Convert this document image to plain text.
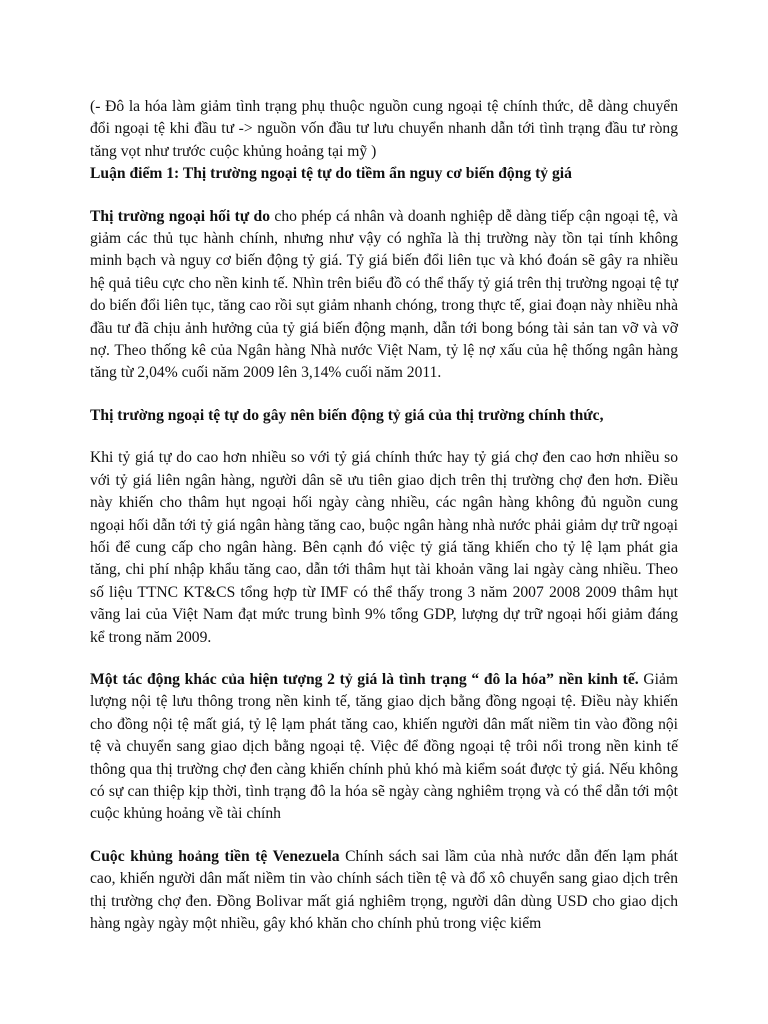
(- Đô la hóa làm giảm tình trạng phụ thuộc nguồn cung ngoại tệ chính thức, dễ dàng chuyển đổi ngoại tệ khi đầu tư -> nguồn vốn đầu tư lưu chuyển nhanh dẫn tới tình trạng đầu tư ròng tăng vọt như trước cuộc khủng hoảng tại mỹ )

Luận điểm 1: Thị trường ngoại tệ tự do tiềm ẩn nguy cơ biến động tỷ giá

Thị trường ngoại hối tự do cho phép cá nhân và doanh nghiệp dễ dàng tiếp cận ngoại tệ, và giảm các thủ tục hành chính, nhưng như vậy có nghĩa là thị trường này tồn tại tính không minh bạch và nguy cơ biến động tỷ giá. Tỷ giá biến đổi liên tục và khó đoán sẽ gây ra nhiều hệ quả tiêu cực cho nền kinh tế. Nhìn trên biểu đồ có thể thấy tỷ giá trên thị trường ngoại tệ tự do biến đổi liên tục, tăng cao rồi sụt giảm nhanh chóng, trong thực tế, giai đoạn này nhiều nhà đầu tư đã chịu ảnh hưởng của tỷ giá biến động mạnh, dẫn tới bong bóng tài sản tan vỡ và vỡ nợ. Theo thống kê của Ngân hàng Nhà nước Việt Nam, tỷ lệ nợ xấu của hệ thống ngân hàng tăng từ 2,04% cuối năm 2009 lên 3,14% cuối năm 2011.

Thị trường ngoại tệ tự do gây nên biến động tỷ giá của thị trường chính thức,

Khi tỷ giá tự do cao hơn nhiều so với tỷ giá chính thức hay tỷ giá chợ đen cao hơn nhiều so với tỷ giá liên ngân hàng, người dân sẽ ưu tiên giao dịch trên thị trường chợ đen hơn. Điều này khiến cho thâm hụt ngoại hối ngày càng nhiều, các ngân hàng không đủ nguồn cung ngoại hối dẫn tới tỷ giá ngân hàng tăng cao, buộc ngân hàng nhà nước phải giảm dự trữ ngoại hối để cung cấp cho ngân hàng. Bên cạnh đó việc tỷ giá tăng khiến cho tỷ lệ lạm phát gia tăng, chi phí nhập khẩu tăng cao, dẫn tới thâm hụt tài khoản vãng lai ngày càng nhiều. Theo số liệu TTNC KT&CS tổng hợp từ IMF có thể thấy trong 3 năm 2007 2008 2009 thâm hụt vãng lai của Việt Nam đạt mức trung bình 9% tổng GDP, lượng dự trữ ngoại hối giảm đáng kể trong năm 2009.

Một tác động khác của hiện tượng 2 tỷ giá là tình trạng “ đô la hóa” nền kinh tế. Giảm lượng nội tệ lưu thông trong nền kinh tế, tăng giao dịch bằng đồng ngoại tệ. Điều này khiến cho đồng nội tệ mất giá, tỷ lệ lạm phát tăng cao, khiến người dân mất niềm tin vào đồng nội tệ và chuyển sang giao dịch bằng ngoại tệ. Việc để đồng ngoại tệ trôi nổi trong nền kinh tế thông qua thị trường chợ đen càng khiến chính phủ khó mà kiểm soát được tỷ giá. Nếu không có sự can thiệp kịp thời, tình trạng đô la hóa sẽ ngày càng nghiêm trọng và có thể dẫn tới một cuộc khủng hoảng về tài chính

Cuộc khủng hoảng tiền tệ Venezuela Chính sách sai lầm của nhà nước dẫn đến lạm phát cao, khiến người dân mất niềm tin vào chính sách tiền tệ và đổ xô chuyển sang giao dịch trên thị trường chợ đen. Đồng Bolivar mất giá nghiêm trọng, người dân dùng USD cho giao dịch hàng ngày ngày một nhiều, gây khó khăn cho chính phủ trong việc kiểm
